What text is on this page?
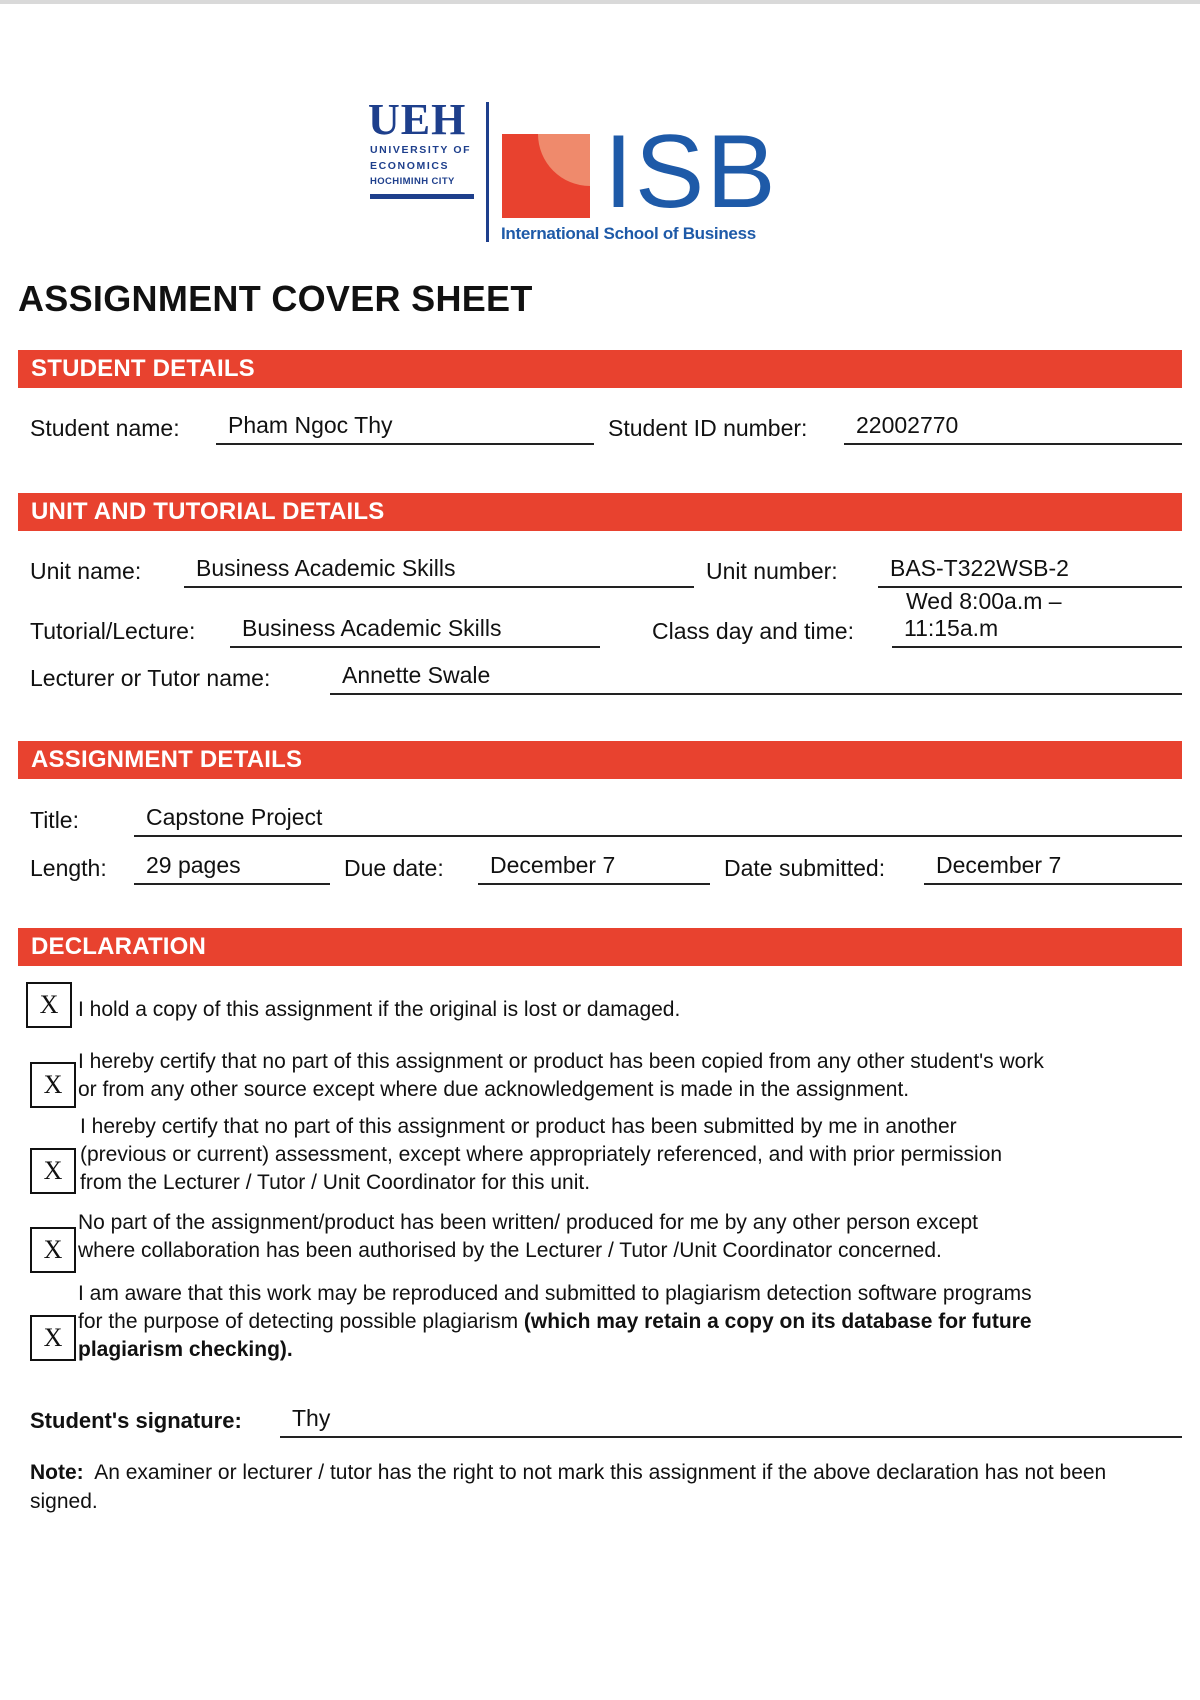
UEH
UNIVERSITY OF
ECONOMICS
HOCHIMINH CITY ISB
International School of Business
ASSIGNMENT COVER SHEET
STUDENT DETAILS
Student name:	Pham Ngoc Thy	Student ID number:	22002770
UNIT AND TUTORIAL DETAILS
Unit name:	Business Academic Skills	Unit number:	BAS-T322WSB-2
Tutorial/Lecture:	Business Academic Skills	Class day and time:
Wed 8:00a.m –
11:15a.m
Lecturer or Tutor name:	Annette Swale
ASSIGNMENT DETAILS
Title:	Capstone Project
Length:	29 pages	Due date:	December 7	Date submitted:	December 7
DECLARATION
X I hold a copy of this assignment if the original is lost or damaged.
X
I hereby certify that no part of this assignment or product has been copied from any other student's work
or from any other source except where due acknowledgement is made in the assignment.
X
I hereby certify that no part of this assignment or product has been submitted by me in another
(previous or current) assessment, except where appropriately referenced, and with prior permission
from the Lecturer / Tutor / Unit Coordinator for this unit.
X
No part of the assignment/product has been written/ produced for me by any other person except
where collaboration has been authorised by the Lecturer / Tutor /Unit Coordinator concerned.
X
I am aware that this work may be reproduced and submitted to plagiarism detection software programs
for the purpose of detecting possible plagiarism (which may retain a copy on its database for future
plagiarism checking).
Student's signature:	Thy
Note: An examiner or lecturer / tutor has the right to not mark this assignment if the above declaration has not been signed.
